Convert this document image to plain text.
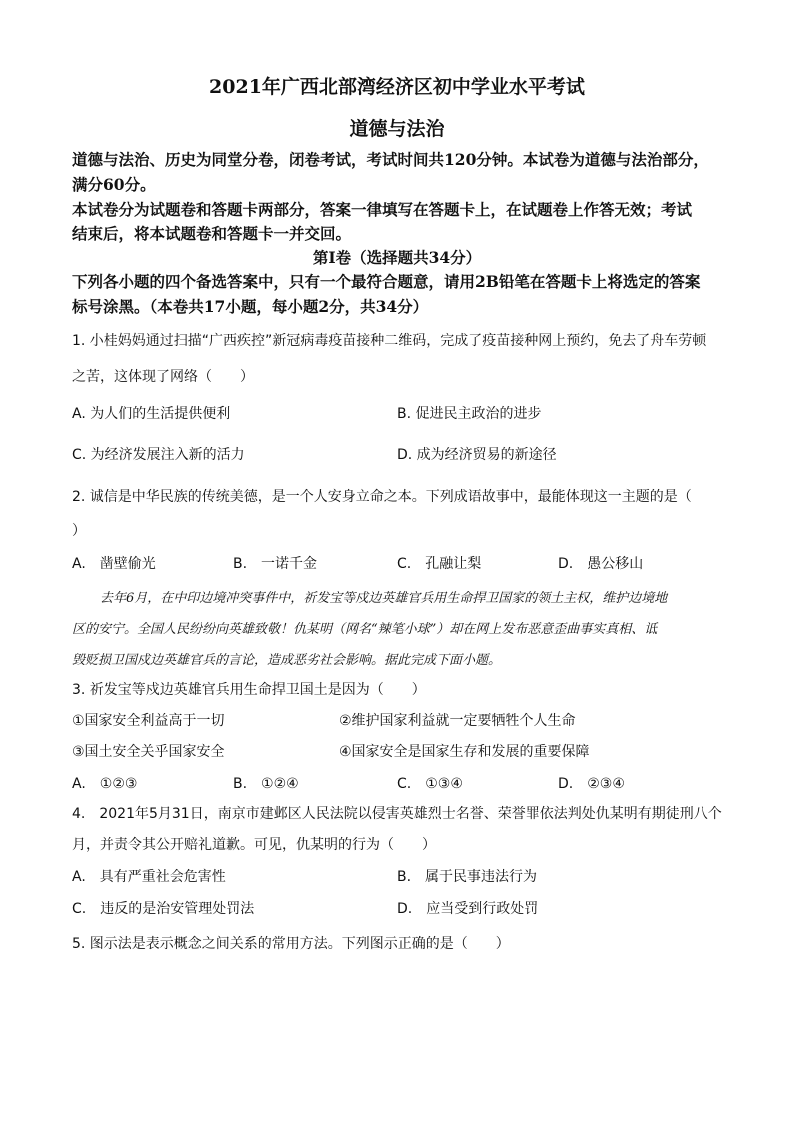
2021年广西北部湾经济区初中学业水平考试
道德与法治
道德与法治、历史为同堂分卷，闭卷考试，考试时间共120分钟。本试卷为道德与法治部分，
满分60分。
本试卷分为试题卷和答题卡两部分，答案一律填写在答题卡上，在试题卷上作答无效；考试
结束后，将本试题卷和答题卡一并交回。
第Ⅰ卷（选择题共34分）
下列各小题的四个备选答案中，只有一个最符合题意，请用2B铅笔在答题卡上将选定的答案
标号涂黑。（本卷共17小题，每小题2分，共34分）
1. 小桂妈妈通过扫描“广西疾控”新冠病毒疫苗接种二维码，完成了疫苗接种网上预约，免去了舟车劳顿
之苦，这体现了网络（　　）
A. 为人们的生活提供便利	B. 促进民主政治的进步
C. 为经济发展注入新的活力	D. 成为经济贸易的新途径
2. 诚信是中华民族的传统美德，是一个人安身立命之本。下列成语故事中，最能体现这一主题的是（
）
A.　凿壁偷光	B.　一诺千金	C.　孔融让梨	D.　愚公移山
去年6月，在中印边境冲突事件中，祈发宝等戍边英雄官兵用生命捍卫国家的领土主权，维护边境地
区的安宁。全国人民纷纷向英雄致敬！仇某明（网名“辣笔小球”）却在网上发布恶意歪曲事实真相、诋
毁贬损卫国戍边英雄官兵的言论，造成恶劣社会影响。据此完成下面小题。
3. 祈发宝等戍边英雄官兵用生命捍卫国土是因为（　　）
①国家安全利益高于一切	②维护国家利益就一定要牺牲个人生命
③国土安全关乎国家安全	④国家安全是国家生存和发展的重要保障
A.　①②③	B.　①②④	C.　①③④	D.　②③④
4.　2021年5月31日，南京市建邺区人民法院以侵害英雄烈士名誉、荣誉罪依法判处仇某明有期徒刑八个
月，并责令其公开赔礼道歉。可见，仇某明的行为（　　）
A.　具有严重社会危害性	B.　属于民事违法行为
C.　违反的是治安管理处罚法	D.　应当受到行政处罚
5. 图示法是表示概念之间关系的常用方法。下列图示正确的是（　　）
